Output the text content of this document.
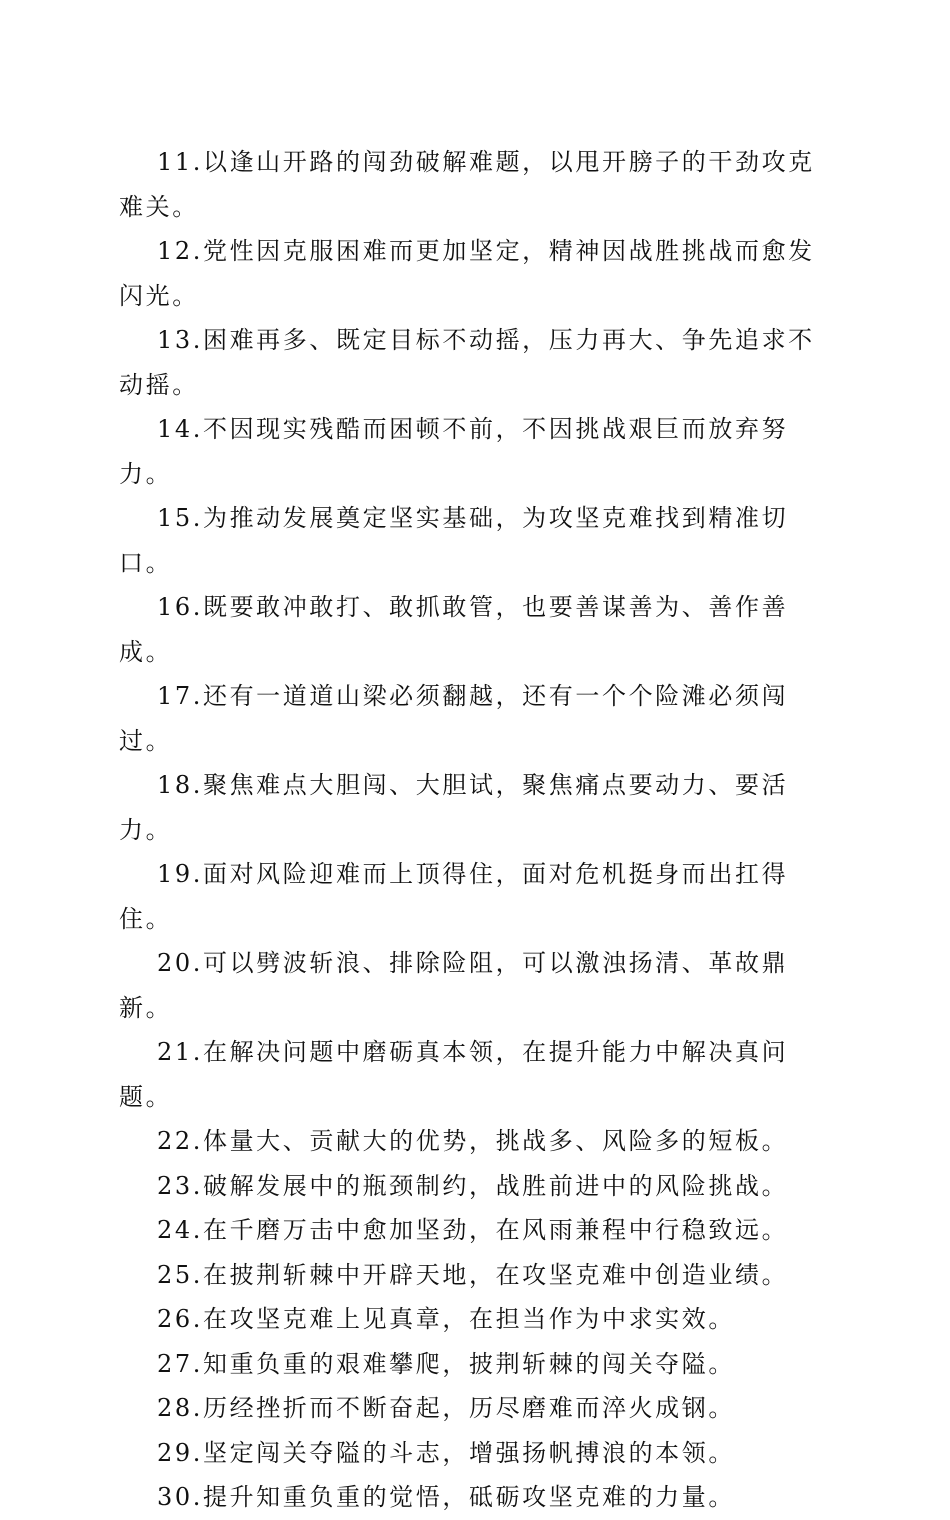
11.以逢山开路的闯劲破解难题，以甩开膀子的干劲攻克难关。

12.党性因克服困难而更加坚定，精神因战胜挑战而愈发闪光。

13.困难再多、既定目标不动摇，压力再大、争先追求不动摇。

14.不因现实残酷而困顿不前，不因挑战艰巨而放弃努力。

15.为推动发展奠定坚实基础，为攻坚克难找到精准切口。

16.既要敢冲敢打、敢抓敢管，也要善谋善为、善作善成。

17.还有一道道山梁必须翻越，还有一个个险滩必须闯过。

18.聚焦难点大胆闯、大胆试，聚焦痛点要动力、要活力。

19.面对风险迎难而上顶得住，面对危机挺身而出扛得住。

20.可以劈波斩浪、排除险阻，可以激浊扬清、革故鼎新。

21.在解决问题中磨砺真本领，在提升能力中解决真问题。

22.体量大、贡献大的优势，挑战多、风险多的短板。

23.破解发展中的瓶颈制约，战胜前进中的风险挑战。

24.在千磨万击中愈加坚劲，在风雨兼程中行稳致远。

25.在披荆斩棘中开辟天地，在攻坚克难中创造业绩。

26.在攻坚克难上见真章，在担当作为中求实效。

27.知重负重的艰难攀爬，披荆斩棘的闯关夺隘。

28.历经挫折而不断奋起，历尽磨难而淬火成钢。

29.坚定闯关夺隘的斗志，增强扬帆搏浪的本领。

30.提升知重负重的觉悟，砥砺攻坚克难的力量。
